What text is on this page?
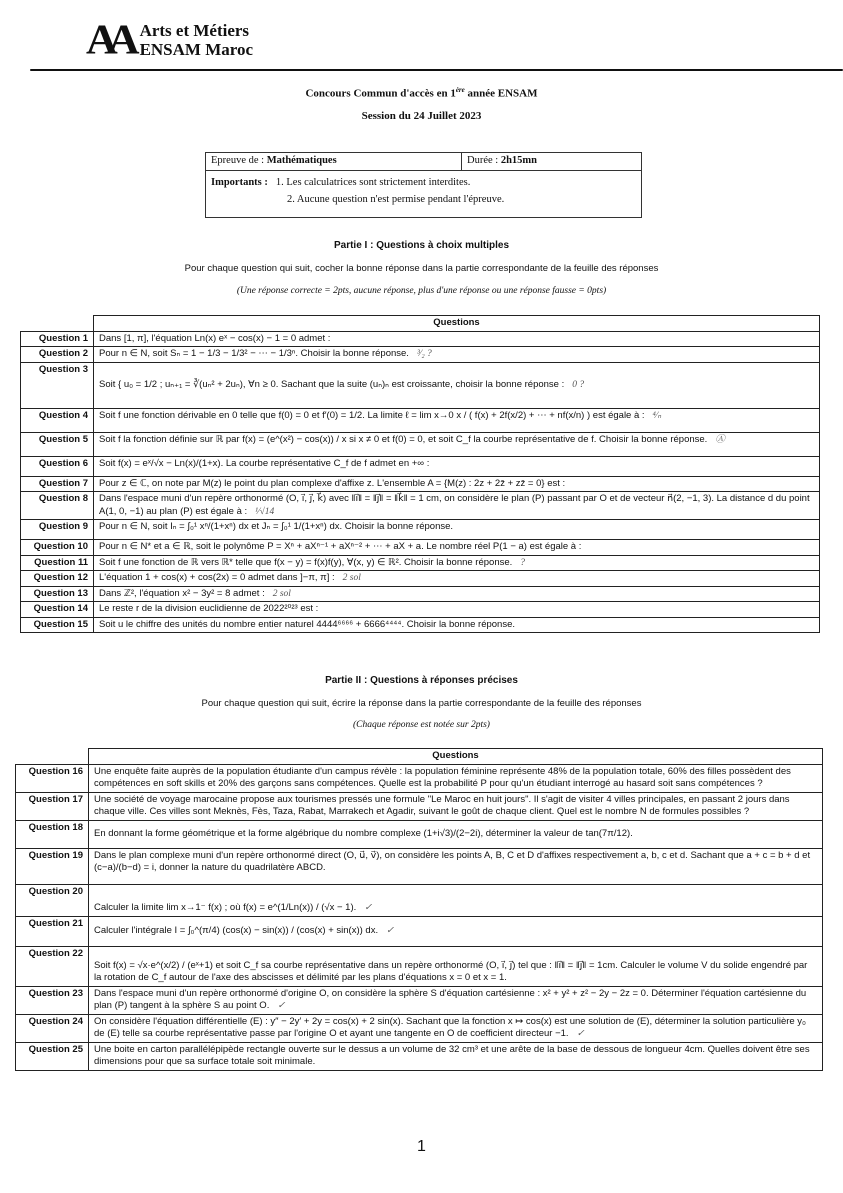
AA Arts et Métiers
ENSAM Maroc
Concours Commun d'accès en 1ère année ENSAM
Session du 24 Juillet 2023
Epreuve de : Mathématiques	Durée : 2h15mn
Importants : 1. Les calculatrices sont strictement interdites.
2. Aucune question n'est permise pendant l'épreuve.
Partie I : Questions à choix multiples
Pour chaque question qui suit, cocher la bonne réponse dans la partie correspondante de la feuille des réponses
(Une réponse correcte = 2pts, aucune réponse, plus d'une réponse ou une réponse fausse = 0pts)
	Questions
Question 1	Dans [1, π], l'équation Ln(x) eˣ − cos(x) − 1 = 0 admet :
Question 2	Pour n ∈ N, soit Sₙ = 1 − 1/3 − 1/3² − ⋯ − 1/3ⁿ. Choisir la bonne réponse. ³⁄₂ ?
Question 3	Soit { u₀ = 1/2 ; uₙ₊₁ = ∛(uₙ² + 2uₙ), ∀n ≥ 0. Sachant que la suite (uₙ)ₙ est croissante, choisir la bonne réponse : 0 ?
Question 4	Soit f une fonction dérivable en 0 telle que f(0) = 0 et f′(0) = 1/2. La limite ℓ = lim x→0 x / ( f(x) + 2f(x/2) + ⋯ + nf(x/n) ) est égale à : ⁴⁄ₙ
Question 5	Soit f la fonction définie sur ℝ par f(x) = (e^(x²) − cos(x)) / x si x ≠ 0 et f(0) = 0, et soit C_f la courbe représentative de f. Choisir la bonne réponse. Ⓐ
Question 6	Soit f(x) = eˣ/√x − Ln(x)/(1+x). La courbe représentative C_f de f admet en +∞ :
Question 7	Pour z ∈ ℂ, on note par M(z) le point du plan complexe d'affixe z. L'ensemble A = {M(z) : 2z + 2z̄ + zz̄ = 0} est :
Question 8	Dans l'espace muni d'un repère orthonormé (O, i⃗, j⃗, k⃗) avec ‖i⃗‖ = ‖j⃗‖ = ‖k⃗‖ = 1 cm, on considère le plan (P) passant par O et de vecteur n⃗(2, −1, 3). La distance d du point A(1, 0, −1) au plan (P) est égale à : ¹⁄√14
Question 9	Pour n ∈ N, soit Iₙ = ∫₀¹ xⁿ/(1+xⁿ) dx et Jₙ = ∫₀¹ 1/(1+xⁿ) dx. Choisir la bonne réponse.
Question 10	Pour n ∈ N* et a ∈ ℝ, soit le polynôme P = Xⁿ + aXⁿ⁻¹ + aXⁿ⁻² + ⋯ + aX + a. Le nombre réel P(1 − a) est égale à :
Question 11	Soit f une fonction de ℝ vers ℝ* telle que f(x − y) = f(x)f(y), ∀(x, y) ∈ ℝ². Choisir la bonne réponse. ?
Question 12	L'équation 1 + cos(x) + cos(2x) = 0 admet dans ]−π, π] : 2 sol
Question 13	Dans ℤ², l'équation x² − 3y² = 8 admet : 2 sol
Question 14	Le reste r de la division euclidienne de 2022²⁰²³ est :
Question 15	Soit u le chiffre des unités du nombre entier naturel 4444⁶⁶⁶⁶ + 6666⁴⁴⁴⁴. Choisir la bonne réponse.
Partie II : Questions à réponses précises
Pour chaque question qui suit, écrire la réponse dans la partie correspondante de la feuille des réponses
(Chaque réponse est notée sur 2pts)
	Questions
Question 16	Une enquête faite auprès de la population étudiante d'un campus révèle : la population féminine représente 48% de la population totale, 60% des filles possèdent des compétences en soft skills et 20% des garçons sans compétences. Quelle est la probabilité P pour qu'un étudiant interrogé au hasard soit sans compétences ?
Question 17	Une société de voyage marocaine propose aux tourismes pressés une formule "Le Maroc en huit jours". Il s'agit de visiter 4 villes principales, en passant 2 jours dans chaque ville. Ces villes sont Meknès, Fès, Taza, Rabat, Marrakech et Agadir, suivant le goût de chaque client. Quel est le nombre N de formules possibles ?
Question 18	En donnant la forme géométrique et la forme algébrique du nombre complexe (1+i√3)/(2−2i), déterminer la valeur de tan(7π/12).
Question 19	Dans le plan complexe muni d'un repère orthonormé direct (O, u⃗, v⃗), on considère les points A, B, C et D d'affixes respectivement a, b, c et d. Sachant que a + c = b + d et (c−a)/(b−d) = i, donner la nature du quadrilatère ABCD.
Question 20	Calculer la limite lim x→1⁻ f(x) ; où f(x) = e^(1/Ln(x)) / (√x − 1). ✓
Question 21	Calculer l'intégrale I = ∫₀^(π/4) (cos(x) − sin(x)) / (cos(x) + sin(x)) dx. ✓
Question 22	Soit f(x) = √x·e^(x/2) / (eˣ+1) et soit C_f sa courbe représentative dans un repère orthonormé (O, i⃗, j⃗) tel que : ‖i⃗‖ = ‖j⃗‖ = 1cm. Calculer le volume V du solide engendré par la rotation de C_f autour de l'axe des abscisses et délimité par les plans d'équations x = 0 et x = 1.
Question 23	Dans l'espace muni d'un repère orthonormé d'origine O, on considère la sphère S d'équation cartésienne : x² + y² + z² − 2y − 2z = 0. Déterminer l'équation cartésienne du plan (P) tangent à la sphère S au point O. ✓
Question 24	On considère l'équation différentielle (E) : y″ − 2y′ + 2y = cos(x) + 2 sin(x). Sachant que la fonction x ↦ cos(x) est une solution de (E), déterminer la solution particulière y₀ de (E) telle sa courbe représentative passe par l'origine O et ayant une tangente en O de coefficient directeur −1. ✓
Question 25	Une boite en carton parallélépipède rectangle ouverte sur le dessus a un volume de 32 cm³ et une arête de la base de dessous de longueur 4cm. Quelles doivent être ses dimensions pour que sa surface totale soit minimale.
1
